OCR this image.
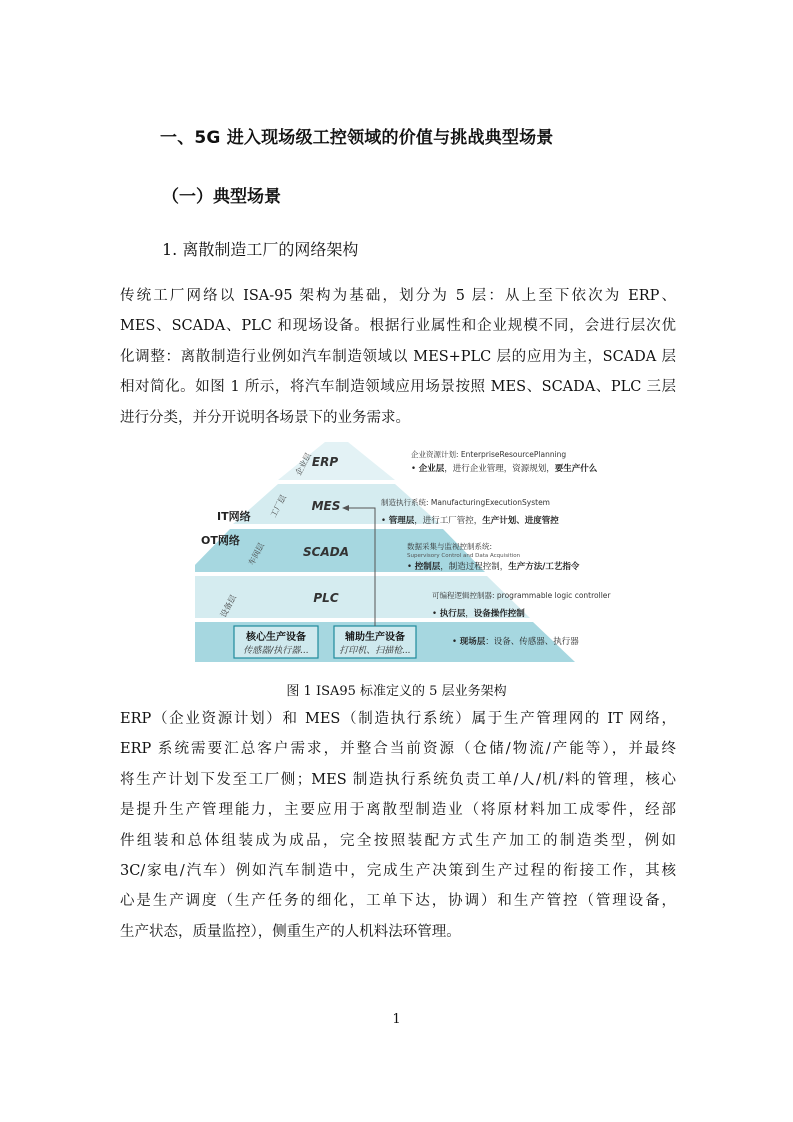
一、5G 进入现场级工控领域的价值与挑战典型场景
（一）典型场景
1. 离散制造工厂的网络架构
传统工厂网络以 ISA-95 架构为基础，划分为 5 层：从上至下依次为 ERP、
MES、SCADA、PLC 和现场设备。根据行业属性和企业规模不同，会进行层次优
化调整：离散制造行业例如汽车制造领域以 MES+PLC 层的应用为主，SCADA 层
相对简化。如图 1 所示，将汽车制造领域应用场景按照 MES、SCADA、PLC 三层
进行分类，并分开说明各场景下的业务需求。
ERP
MES
SCADA
PLC
企业层
工厂层
车间层
设备层
IT网络
OT网络
核心生产设备
传感器/执行器...
辅助生产设备
打印机、扫描枪...
企业资源计划: EnterpriseResourcePlanning
• 企业层，进行企业管理，资源规划，要生产什么
制造执行系统: ManufacturingExecutionSystem
• 管理层，进行工厂管控，生产计划、进度管控
数据采集与监视控制系统:
Supervisory Control and Data Acquisition
• 控制层，制造过程控制，生产方法/工艺指令
可编程逻辑控制器: programmable logic controller
• 执行层，设备操作控制
• 现场层：设备、传感器、执行器
图 1 ISA95 标准定义的 5 层业务架构
ERP（企业资源计划）和 MES（制造执行系统）属于生产管理网的 IT 网络，
ERP 系统需要汇总客户需求，并整合当前资源（仓储/物流/产能等），并最终
将生产计划下发至工厂侧；MES 制造执行系统负责工单/人/机/料的管理，核心
是提升生产管理能力，主要应用于离散型制造业（将原材料加工成零件，经部
件组装和总体组装成为成品，完全按照装配方式生产加工的制造类型，例如
3C/家电/汽车）例如汽车制造中，完成生产决策到生产过程的衔接工作，其核
心是生产调度（生产任务的细化，工单下达，协调）和生产管控（管理设备，
生产状态，质量监控），侧重生产的人机料法环管理。
1
